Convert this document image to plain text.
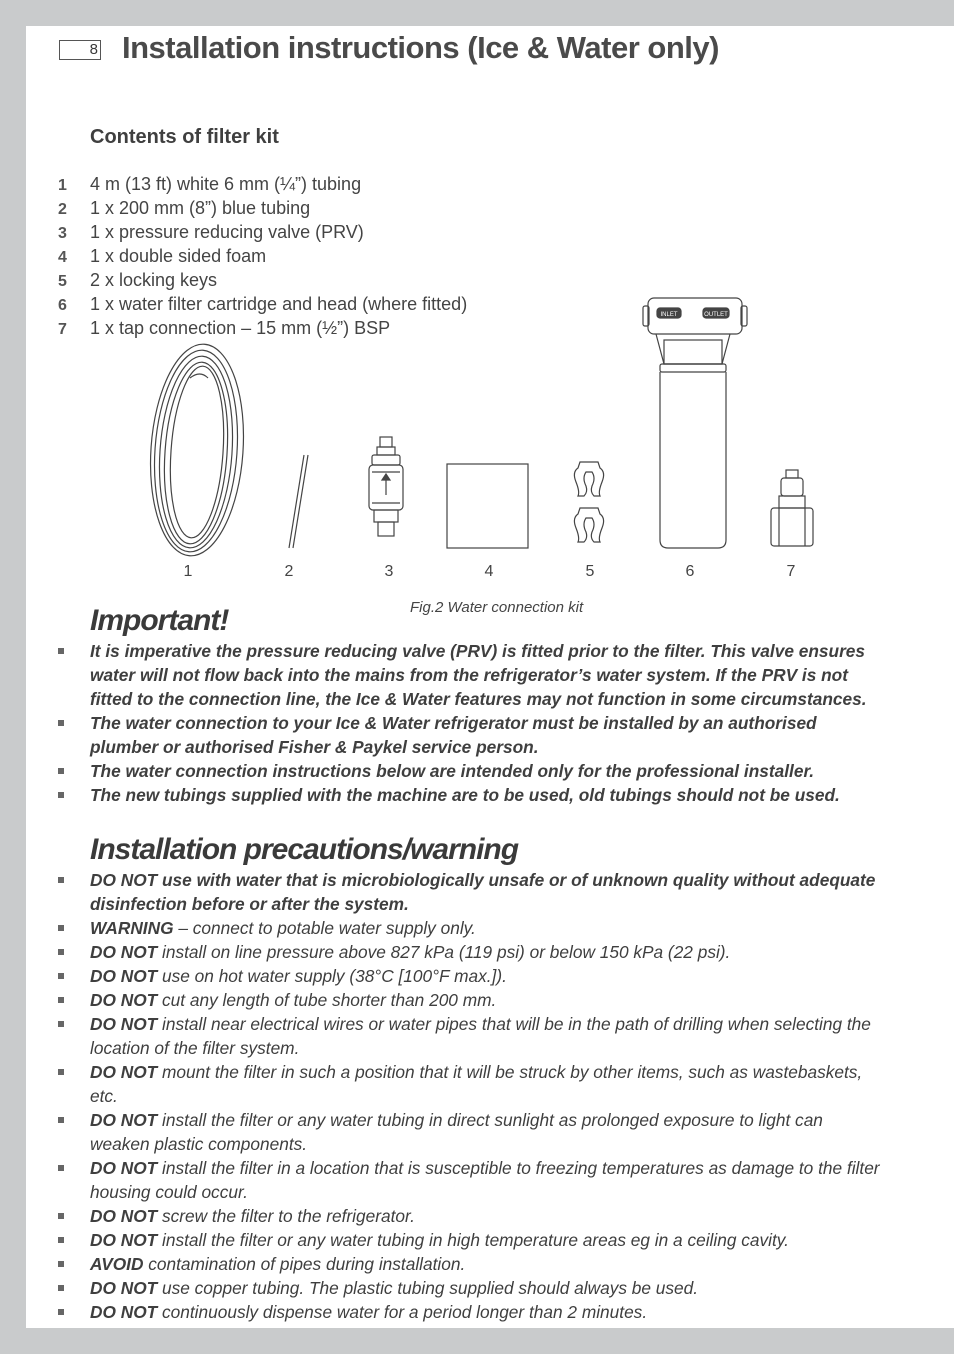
8 Installation instructions (Ice & Water only)
Contents of filter kit
1 4 m (13 ft) white 6 mm (¼”) tubing
2 1 x 200 mm (8”) blue tubing
3 1 x pressure reducing valve (PRV)
4 1 x double sided foam
5 2 x locking keys
6 1 x water filter cartridge and head (where fitted)
7 1 x tap connection – 15 mm (½”) BSP
INLET	OUTLET
1	2	3	4	5	6	7
Fig.2 Water connection kit
Important!
It is imperative the pressure reducing valve (PRV) is fitted prior to the filter. This valve ensures water will not flow back into the mains from the refrigerator’s water system. If the PRV is not fitted to the connection line, the Ice & Water features may not function in some circumstances.
The water connection to your Ice & Water refrigerator must be installed by an authorised plumber or authorised Fisher & Paykel service person.
The water connection instructions below are intended only for the professional installer.
The new tubings supplied with the machine are to be used, old tubings should not be used.
Installation precautions/warning
DO NOT use with water that is microbiologically unsafe or of unknown quality without adequate disinfection before or after the system.
WARNING – connect to potable water supply only.
DO NOT install on line pressure above 827 kPa (119 psi) or below 150 kPa (22 psi).
DO NOT use on hot water supply (38°C [100°F max.]).
DO NOT cut any length of tube shorter than 200 mm.
DO NOT install near electrical wires or water pipes that will be in the path of drilling when selecting the location of the filter system.
DO NOT mount the filter in such a position that it will be struck by other items, such as wastebaskets, etc.
DO NOT install the filter or any water tubing in direct sunlight as prolonged exposure to light can weaken plastic components.
DO NOT install the filter in a location that is susceptible to freezing temperatures as damage to the filter housing could occur.
DO NOT screw the filter to the refrigerator.
DO NOT install the filter or any water tubing in high temperature areas eg in a ceiling cavity.
AVOID contamination of pipes during installation.
DO NOT use copper tubing. The plastic tubing supplied should always be used.
DO NOT continuously dispense water for a period longer than 2 minutes.
